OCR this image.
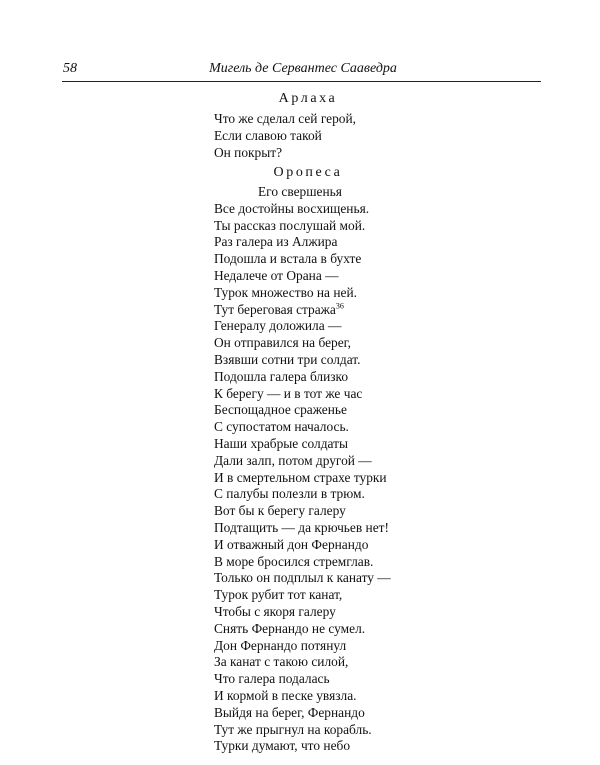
58	Мигель де Сервантес Сааведра
Арлаха
Что же сделал сей герой,
Если славою такой
Он покрыт?
Оропеса
Его свершенья
Все достойны восхищенья.
Ты рассказ послушай мой.
Раз галера из Алжира
Подошла и встала в бухте
Недалече от Орана —
Турок множество на ней.
Тут береговая стража$^{36}$
Генералу доложила —
Он отправился на берег,
Взявши сотни три солдат.
Подошла галера близко
К берегу — и в тот же час
Беспощадное сраженье
С супостатом началось.
Наши храбрые солдаты
Дали залп, потом другой —
И в смертельном страхе турки
С палубы полезли в трюм.
Вот бы к берегу галеру
Подтащить — да крючьев нет!
И отважный дон Фернандо
В море бросился стремглав.
Только он подплыл к канату —
Турок рубит тот канат,
Чтобы с якоря галеру
Снять Фернандо не сумел.
Дон Фернандо потянул
За канат с такою силой,
Что галера подалась
И кормой в песке увязла.
Выйдя на берег, Фернандо
Тут же прыгнул на корабль.
Турки думают, что небо
